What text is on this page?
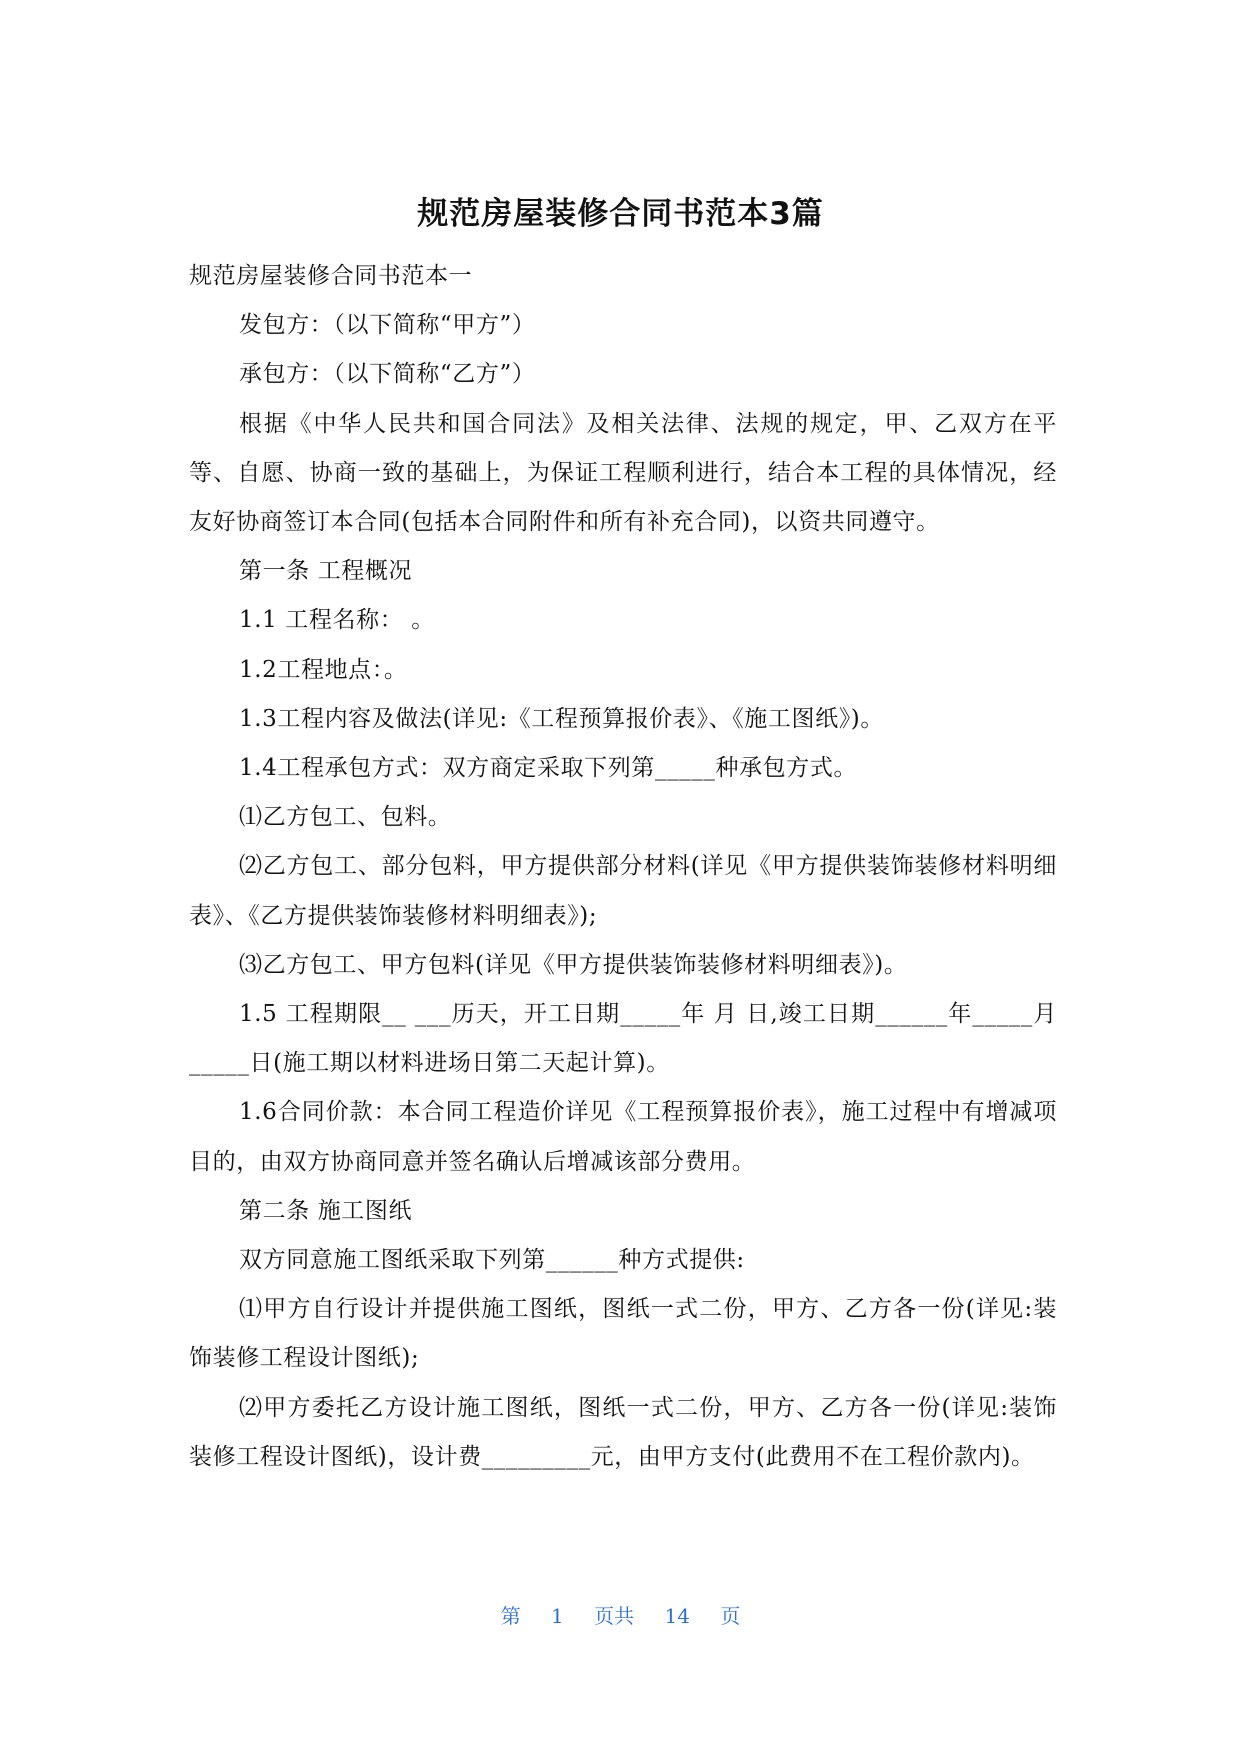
规范房屋装修合同书范本3篇

规范房屋装修合同书范本一

发包方：（以下简称“甲方”）

承包方：（以下简称“乙方”）

根据《中华人民共和国合同法》及相关法律、法规的规定，甲、乙双方在平等、自愿、协商一致的基础上，为保证工程顺利进行，结合本工程的具体情况，经友好协商签订本合同(包括本合同附件和所有补充合同)，以资共同遵守。

第一条 工程概况

1.1 工程名称： 。

1.2工程地点：。

1.3工程内容及做法(详见:《工程预算报价表》、《施工图纸》)。

1.4工程承包方式：双方商定采取下列第_____种承包方式。

⑴乙方包工、包料。

⑵乙方包工、部分包料，甲方提供部分材料(详见《甲方提供装饰装修材料明细表》、《乙方提供装饰装修材料明细表》);

⑶乙方包工、甲方包料(详见《甲方提供装饰装修材料明细表》)。

1.5 工程期限__ ___历天，开工日期_____年 月 日,竣工日期______年_____月_____日(施工期以材料进场日第二天起计算)。

1.6合同价款：本合同工程造价详见《工程预算报价表》，施工过程中有增减项目的，由双方协商同意并签名确认后增减该部分费用。

第二条 施工图纸

双方同意施工图纸采取下列第______种方式提供:

⑴甲方自行设计并提供施工图纸，图纸一式二份，甲方、乙方各一份(详见:装饰装修工程设计图纸);

⑵甲方委托乙方设计施工图纸，图纸一式二份，甲方、乙方各一份(详见:装饰装修工程设计图纸)，设计费_________元，由甲方支付(此费用不在工程价款内)。

第 1 页共 14 页
